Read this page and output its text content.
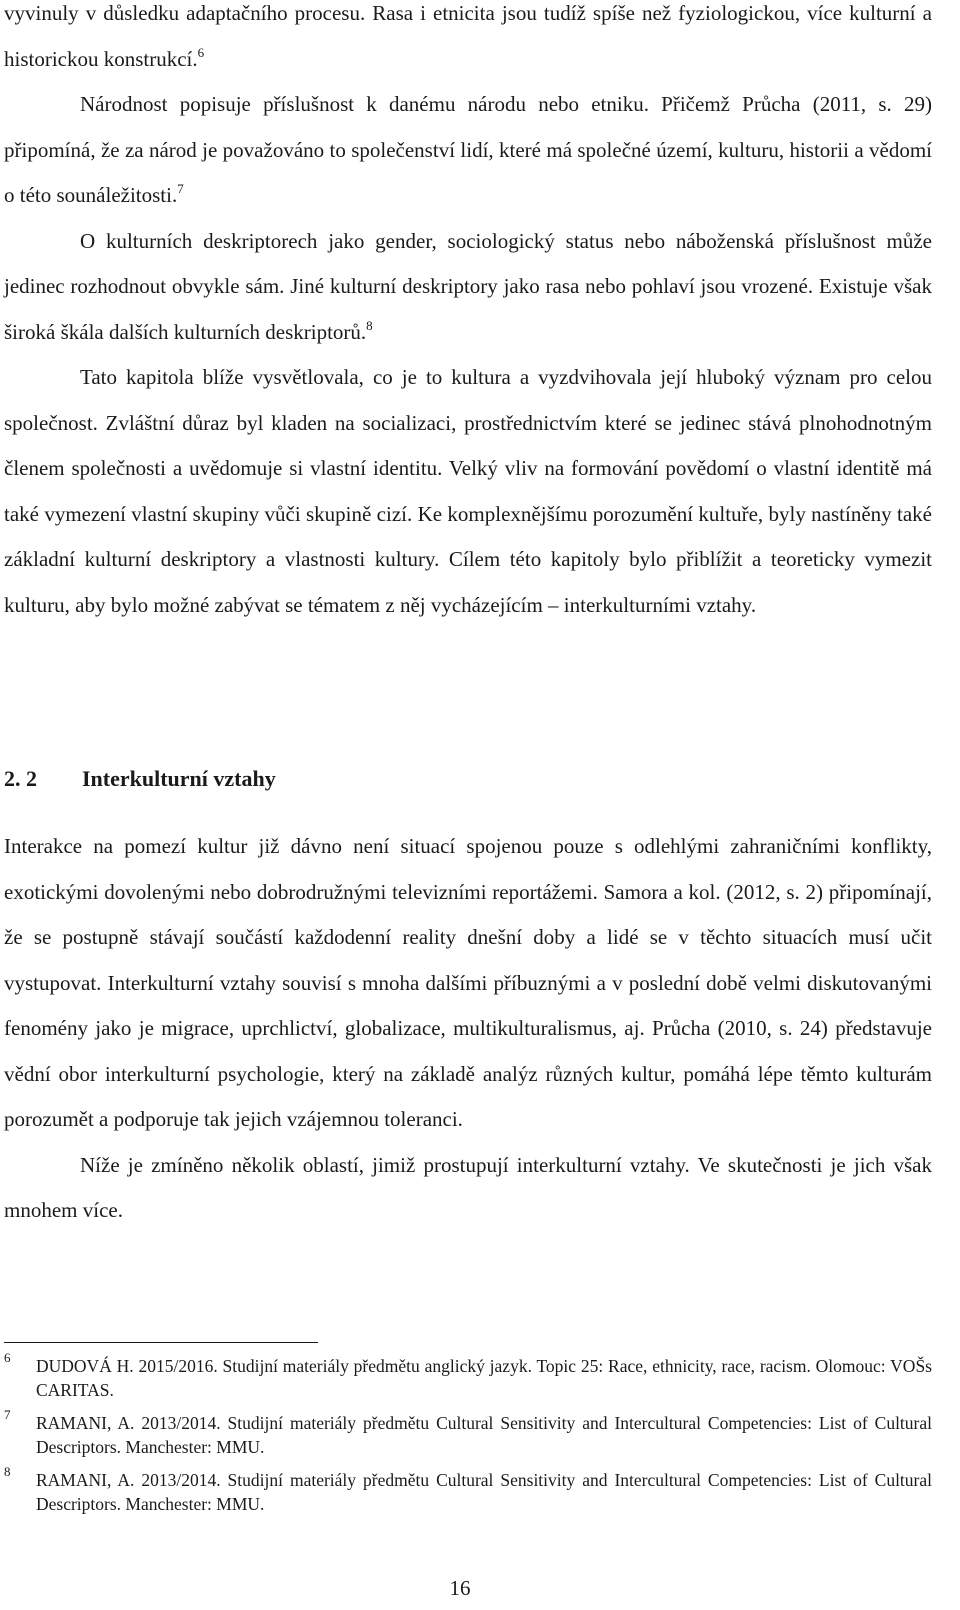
vyvinuly v důsledku adaptačního procesu. Rasa i etnicita jsou tudíž spíše než fyziologickou, více kulturní a historickou konstrukcí.$^6$

Národnost popisuje příslušnost k danému národu nebo etniku. Přičemž Průcha (2011, s. 29) připomíná, že za národ je považováno to společenství lidí, které má společné území, kulturu, historii a vědomí o této sounáležitosti.$^7$

O kulturních deskriptorech jako gender, sociologický status nebo náboženská příslušnost může jedinec rozhodnout obvykle sám. Jiné kulturní deskriptory jako rasa nebo pohlaví jsou vrozené. Existuje však široká škála dalších kulturních deskriptorů.$^8$

Tato kapitola blíže vysvětlovala, co je to kultura a vyzdvihovala její hluboký význam pro celou společnost. Zvláštní důraz byl kladen na socializaci, prostřednictvím které se jedinec stává plnohodnotným členem společnosti a uvědomuje si vlastní identitu. Velký vliv na formování povědomí o vlastní identitě má také vymezení vlastní skupiny vůči skupině cizí. Ke komplexnějšímu porozumění kultuře, byly nastíněny také základní kulturní deskriptory a vlastnosti kultury. Cílem této kapitoly bylo přiblížit a teoreticky vymezit kulturu, aby bylo možné zabývat se tématem z něj vycházejícím – interkulturními vztahy.

2. 2 Interkulturní vztahy

Interakce na pomezí kultur již dávno není situací spojenou pouze s odlehlými zahraničními konflikty, exotickými dovolenými nebo dobrodružnými televizními reportážemi. Samora a kol. (2012, s. 2) připomínají, že se postupně stávají součástí každodenní reality dnešní doby a lidé se v těchto situacích musí učit vystupovat. Interkulturní vztahy souvisí s mnoha dalšími příbuznými a v poslední době velmi diskutovanými fenomény jako je migrace, uprchlictví, globalizace, multikulturalismus, aj. Průcha (2010, s. 24) představuje vědní obor interkulturní psychologie, který na základě analýz různých kultur, pomáhá lépe těmto kulturám porozumět a podporuje tak jejich vzájemnou toleranci.

Níže je zmíněno několik oblastí, jimiž prostupují interkulturní vztahy. Ve skutečnosti je jich však mnohem více.

6 DUDOVÁ H. 2015/2016. Studijní materiály předmětu anglický jazyk. Topic 25: Race, ethnicity, race, racism. Olomouc: VOŠs CARITAS.

7 RAMANI, A. 2013/2014. Studijní materiály předmětu Cultural Sensitivity and Intercultural Competencies: List of Cultural Descriptors. Manchester: MMU.

8 RAMANI, A. 2013/2014. Studijní materiály předmětu Cultural Sensitivity and Intercultural Competencies: List of Cultural Descriptors. Manchester: MMU.

16
